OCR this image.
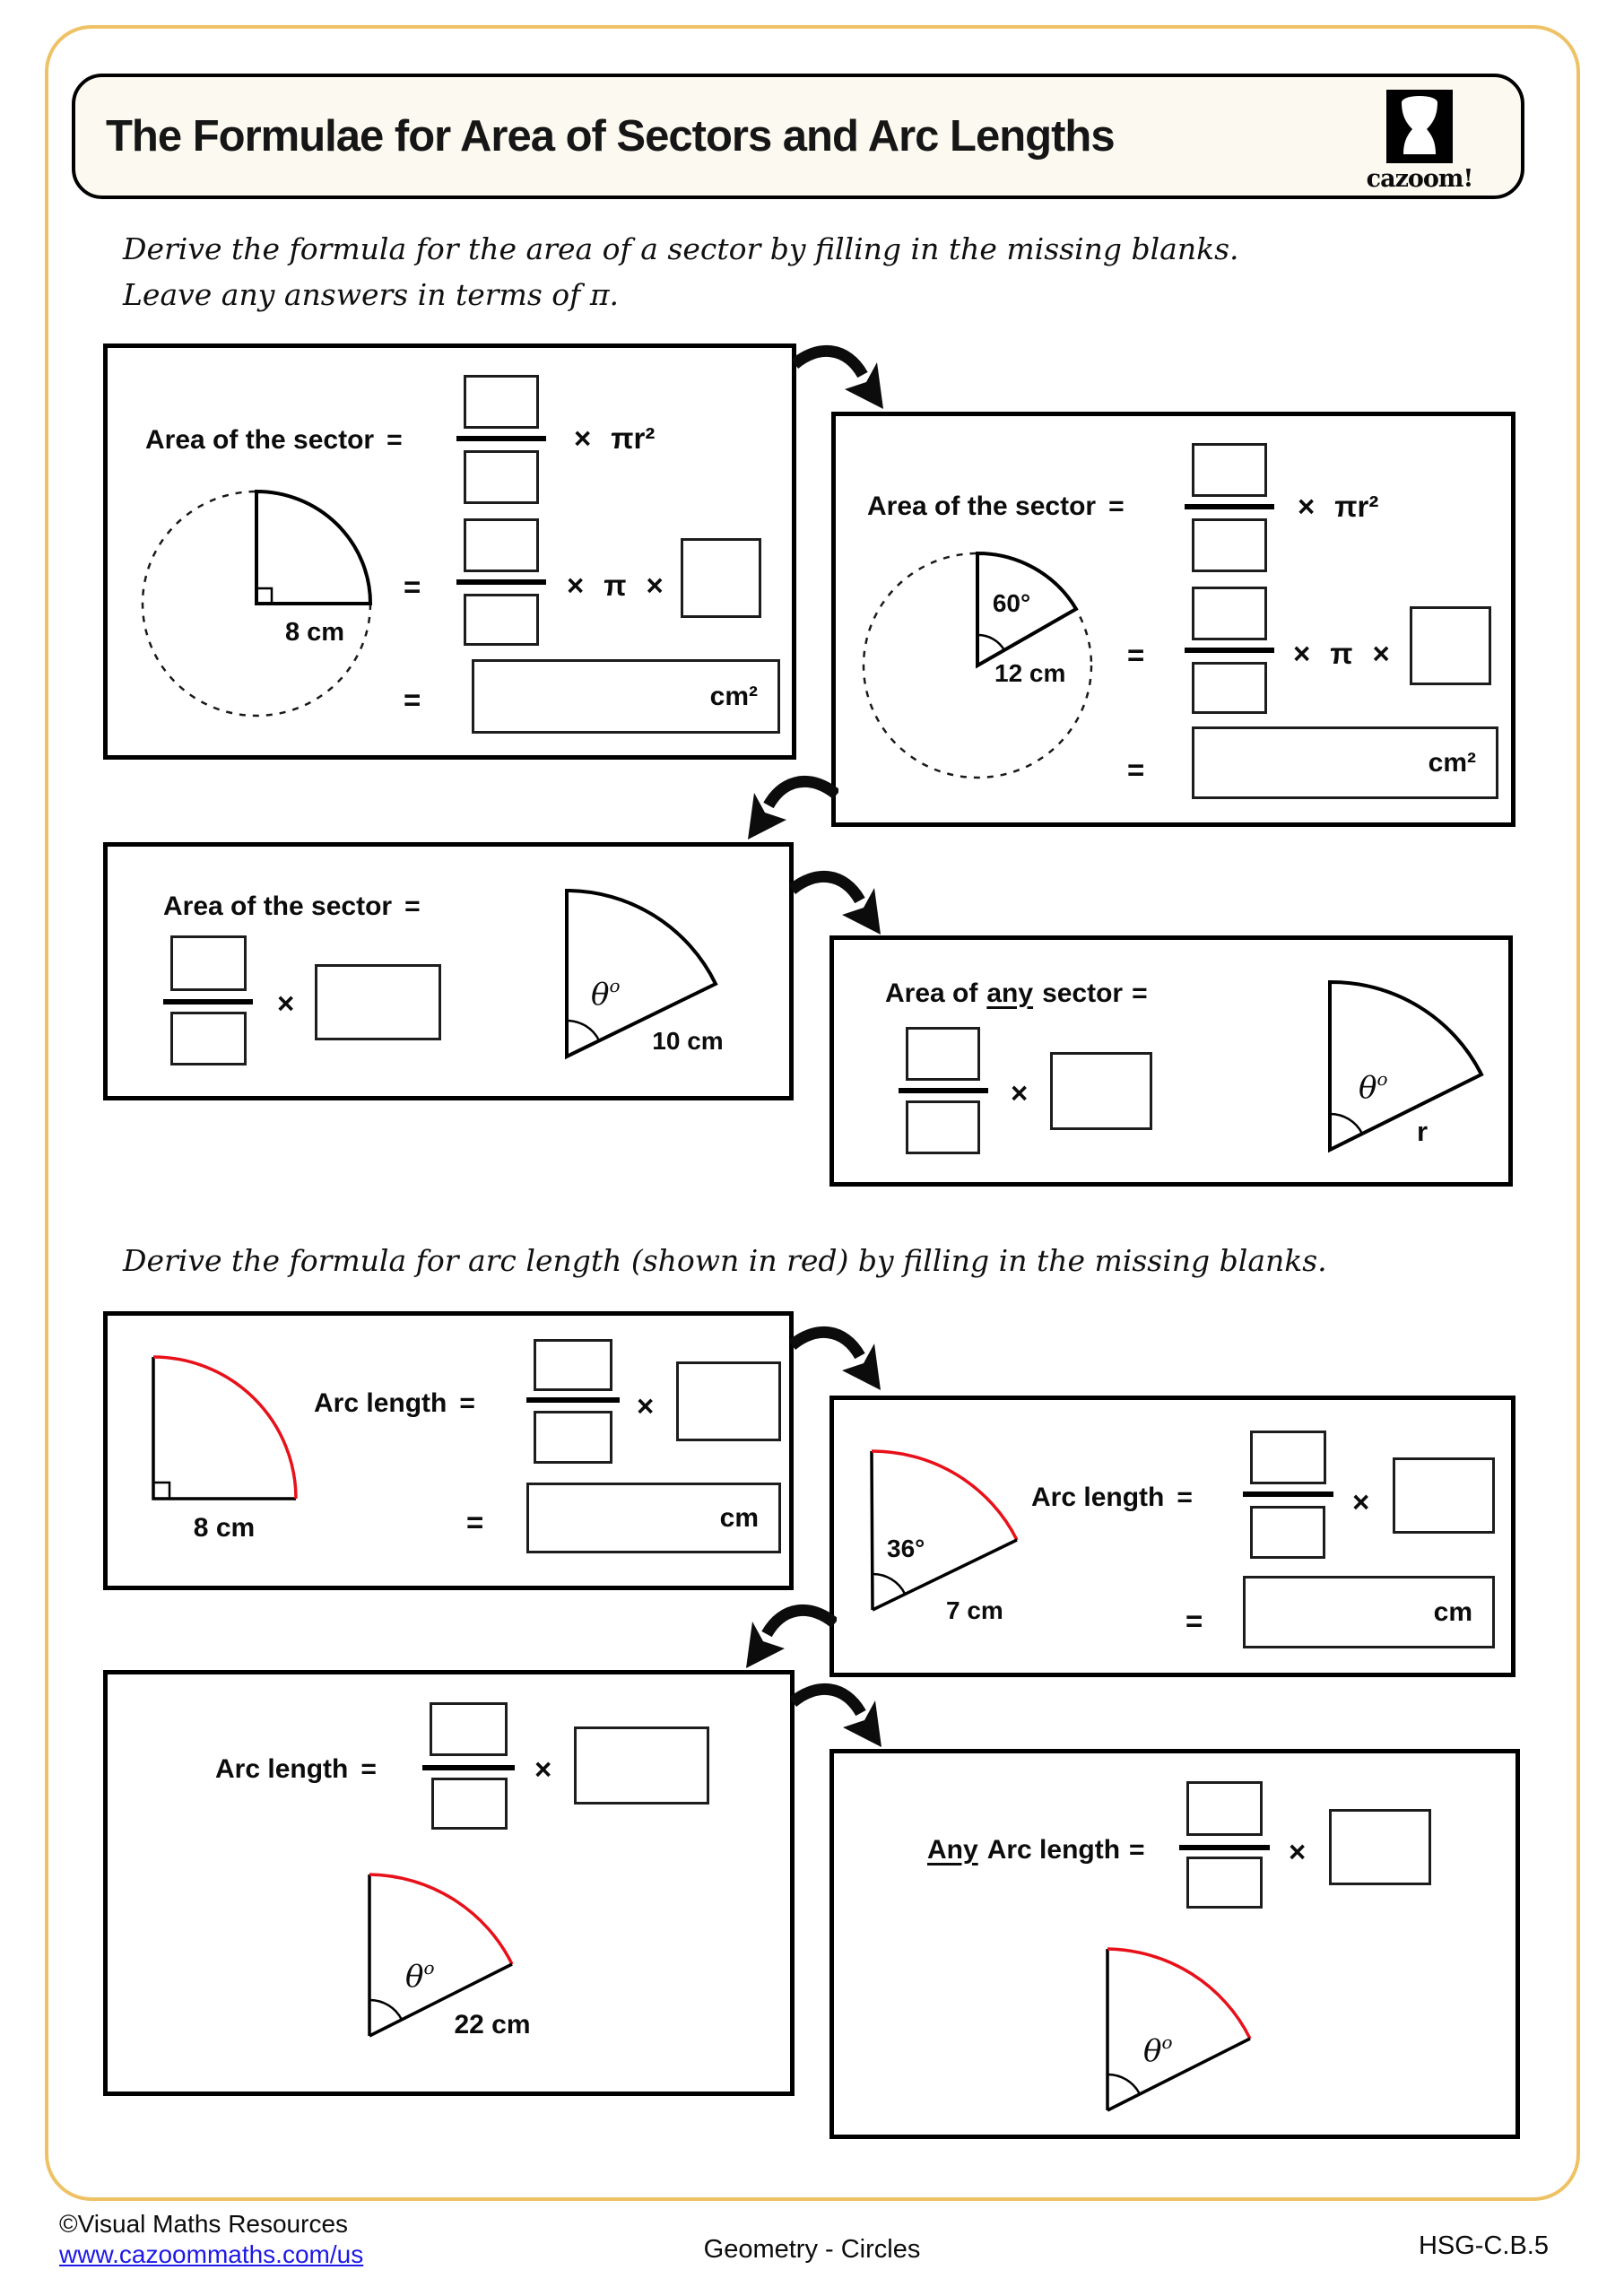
The Formulae for Area of Sectors and Arc Lengths
cazoom!
Derive the formula for the area of a sector by filling in the missing blanks.
Leave any answers in terms of π.
Derive the formula for arc length (shown in red) by filling in the missing blanks.
Area of the sector =	× πr²
=	× π ×
=	cm²
8 cm
Area of the sector =	× πr²
=	× π ×
=	cm²
60°
12 cm
Area of the sector =
×	$\theta^o$
10 cm
Area of any sector =
×	$\theta^o$
r
8 cm
Arc length =	×
=	cm
36°
7 cm
Arc length =	×
=	cm
Arc length =	×
$\theta^o$
22 cm
Any Arc length =	×
$\theta^o$
©Visual Maths Resources
www.cazoommaths.com/us	Geometry - Circles	HSG-C.B.5
